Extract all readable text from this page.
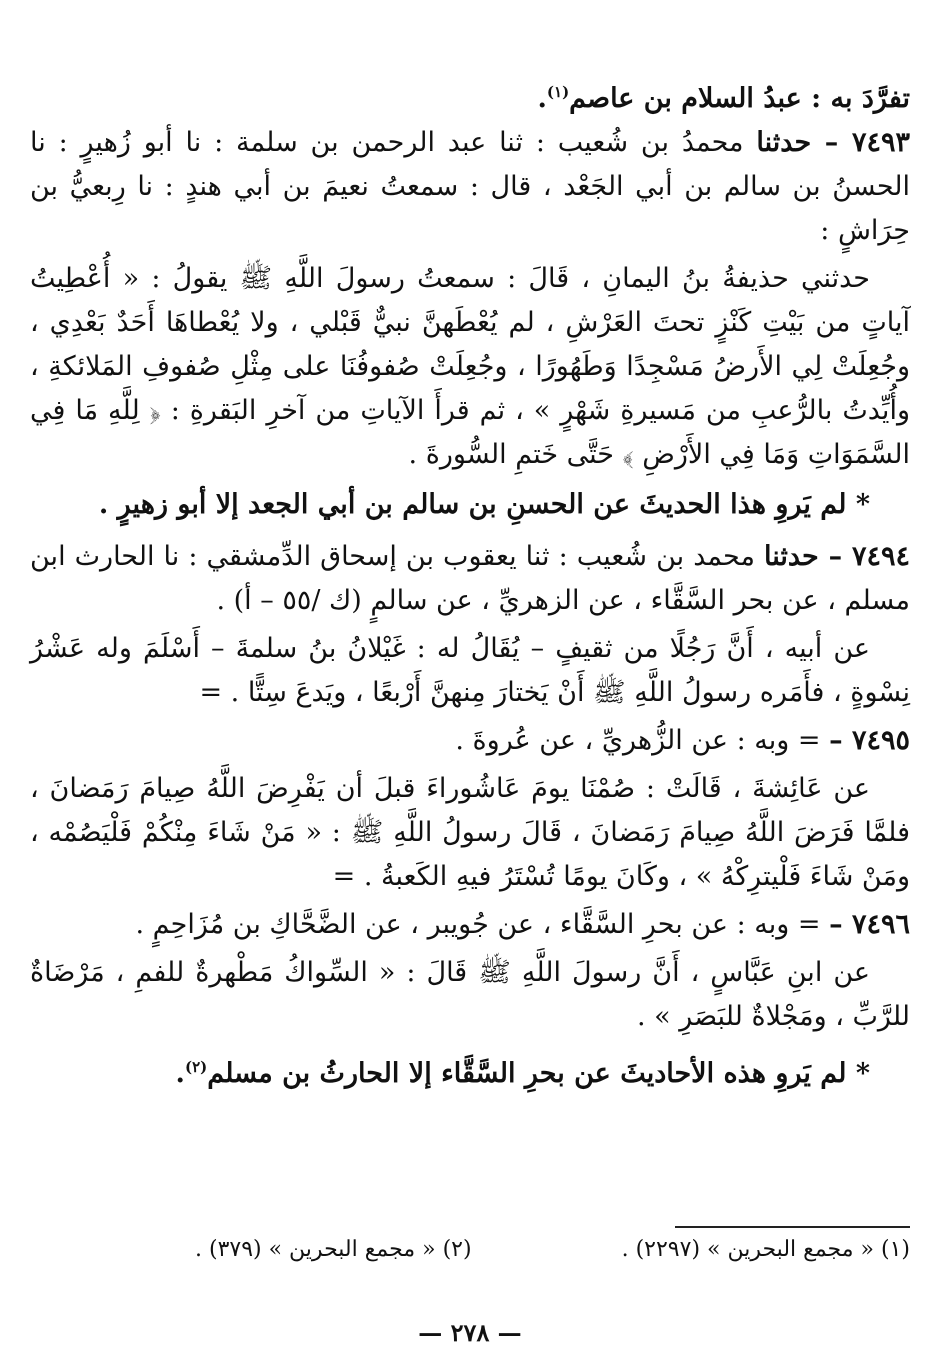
تفرَّدَ به : عبدُ السلام بن عاصم$^{(١)}$.

٧٤٩٣ – حدثنا محمدُ بن شُعيب : ثنا عبد الرحمن بن سلمة : نا أبو زُهيرٍ : نا الحسنُ بن سالم بن أبي الجَعْد ، قال : سمعتُ نعيمَ بن أبي هندٍ : نا رِبعيُّ بن حِرَاشٍ :

حدثني حذيفةُ بنُ اليمانِ ، قَالَ : سمعتُ رسولَ اللَّهِ ﷺ يقولُ : « أُعْطِيتُ آياتٍ من بَيْتِ كَنْزٍ تحتَ العَرْشِ ، لم يُعْطَهنَّ نبيٌّ قَبْلي ، ولا يُعْطاهَا أَحَدٌ بَعْدِي ، وجُعِلَتْ لِي الأَرضُ مَسْجِدًا وَطَهُورًا ، وجُعِلَتْ صُفوفُنَا على مِثْلِ صُفوفِ المَلائكةِ ، وأُيِّدتُ بالرُّعبِ من مَسيرةِ شَهْرٍ » ، ثم قرأَ الآياتِ من آخرِ البَقرةِ : ﴿ لِلَّهِ مَا فِي السَّمَوَاتِ وَمَا فِي الأَرْضِ ﴾ حَتَّى خَتمِ السُّورةَ .

* لم يَروِ هذا الحديثَ عن الحسنِ بن سالم بن أبي الجعد إلا أبو زهيرٍ .

٧٤٩٤ – حدثنا محمد بن شُعيب : ثنا يعقوب بن إسحاق الدِّمشقي : نا الحارث ابن مسلم ، عن بحر السَّقَّاء ، عن الزهريِّ ، عن سالمٍ (ك /٥٥ – أ) .

عن أبيه ، أَنَّ رَجُلًا من ثقيفٍ – يُقَالُ له : غَيْلانُ بنُ سلمةَ – أَسْلَمَ وله عَشْرُ نِسْوةٍ ، فأَمَره رسولُ اللَّهِ ﷺ أَنْ يَختارَ مِنهنَّ أَرْبعًا ، ويَدعَ سِتًّا . =

٧٤٩٥ – = وبه : عن الزُّهريِّ ، عن عُروةَ .

عن عَائِشةَ ، قَالَتْ : صُمْنَا يومَ عَاشُوراءَ قبلَ أن يَفْرِضَ اللَّهُ صِيامَ رَمَضانَ ، فلمَّا فَرَضَ اللَّهُ صِيامَ رَمَضانَ ، قَالَ رسولُ اللَّهِ ﷺ : « مَنْ شَاءَ مِنْكُمْ فَلْيَصُمْه ، ومَنْ شَاءَ فَلْيترِكْهُ » ، وكَانَ يومًا تُسْتَرُ فيهِ الكَعبةُ . =

٧٤٩٦ – = وبه : عن بحرِ السَّقَّاء ، عن جُويبر ، عن الضَّحَّاكِ بن مُزَاحِمٍ .

عن ابنِ عَبَّاسٍ ، أَنَّ رسولَ اللَّهِ ﷺ قَالَ : « السِّواكُ مَطْهرةٌ للفمِ ، مَرْضَاةٌ للرَّبِّ ، ومَجْلاةٌ للبَصَرِ » .

* لم يَروِ هذه الأحاديثَ عن بحرِ السَّقَّاء إلا الحارثُ بن مسلم$^{(٢)}$.

(١) « مجمع البحرين » (٢٢٩٧) .
(٢) « مجمع البحرين » (٣٧٩) .
— ٢٧٨ —
